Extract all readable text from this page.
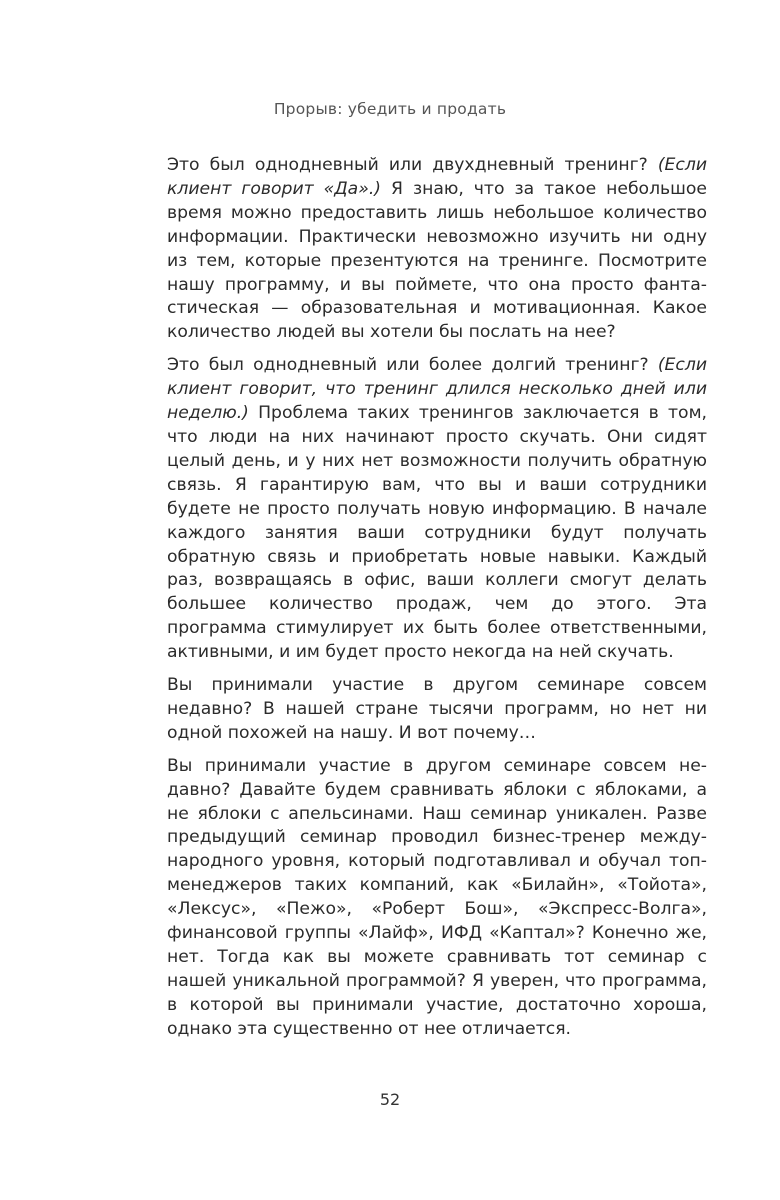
Прорыв: убедить и продать

Это был однодневный или двухдневный тренинг? (Если клиент говорит «Да».) Я знаю, что за такое небольшое время можно предоставить лишь небольшое количество информации. Практически невозможно изучить ни одну из тем, которые презентуются на тренинге. Посмотрите нашу программу, и вы поймете, что она просто фантастическая — образовательная и мотивационная. Какое количество людей вы хотели бы послать на нее?

Это был однодневный или более долгий тренинг? (Если клиент говорит, что тренинг длился несколько дней или неделю.) Проблема таких тренингов заключается в том, что люди на них начинают просто скучать. Они сидят целый день, и у них нет возможности получить обратную связь. Я гарантирую вам, что вы и ваши сотрудники будете не просто получать новую информацию. В начале каждого занятия ваши сотрудники будут получать обратную связь и приобретать новые навыки. Каждый раз, возвращаясь в офис, ваши коллеги смогут делать большее количество продаж, чем до этого. Эта программа стимулирует их быть более ответственными, активными, и им будет просто некогда на ней скучать.

Вы принимали участие в другом семинаре совсем недавно? В нашей стране тысячи программ, но нет ни одной похожей на нашу. И вот почему…

Вы принимали участие в другом семинаре совсем недавно? Давайте будем сравнивать яблоки с яблоками, а не яблоки с апельсинами. Наш семинар уникален. Разве предыдущий семинар проводил бизнес-тренер международного уровня, который подготавливал и обучал топ-менеджеров таких компаний, как «Билайн», «Тойота», «Лексус», «Пежо», «Роберт Бош», «Экспресс-Волга», финансовой группы «Лайф», ИФД «Каптал»? Конечно же, нет. Тогда как вы можете сравнивать тот семинар с нашей уникальной программой? Я уверен, что программа, в которой вы принимали участие, достаточно хороша, однако эта существенно от нее отличается.

52
